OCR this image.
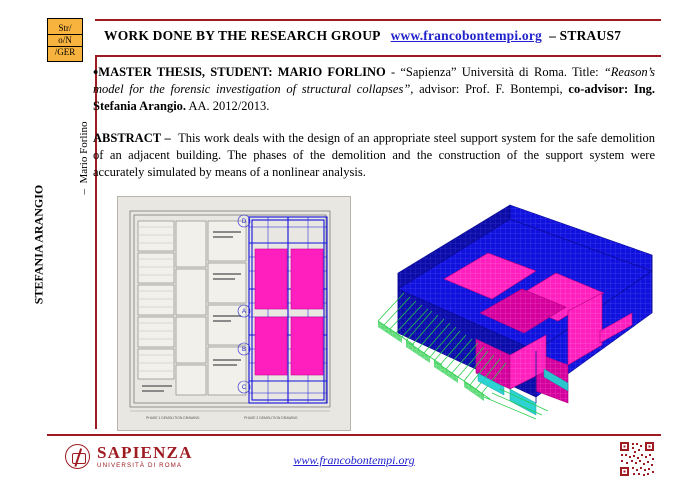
Str/
o/N
/GER
WORK DONE BY THE RESEARCH GROUP www.francobontempi.org – STRAUS7
STEFANIA ARANGIO	–  Mario Forlino
•MASTER THESIS, STUDENT: MARIO FORLINO - “Sapienza” Università di Roma. Title: “Reason’s model for the forensic investigation of structural collapses”, advisor: Prof. F. Bontempi, co-advisor: Ing. Stefania Arangio. AA. 2012/2013.
ABSTRACT – This work deals with the design of an appropriate steel support system for the safe demolition of an adjacent building. The phases of the demolition and the construction of the support system were accurately simulated by means of a nonlinear analysis.
A
B
C
D
PHASE 1 DEMOLITION DRAWING	PHASE 2 DEMOLITION DRAWING
SAPIENZA
UNIVERSITÀ DI ROMA	www.francobontempi.org
